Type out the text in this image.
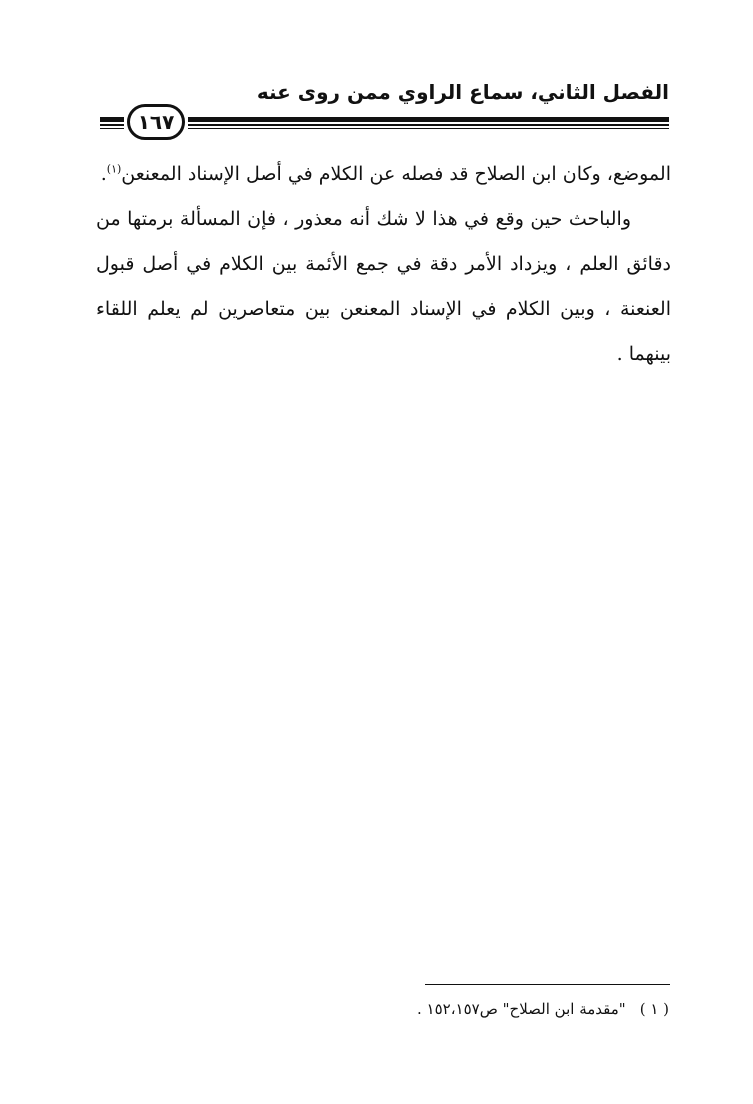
الفصل الثاني، سماع الراوي ممن روى عنه
١٦٧

الموضع، وكان ابن الصلاح قد فصله عن الكلام في أصل الإسناد المعنعن$^{(١)}$.

والباحث حين وقع في هذا لا شك أنه معذور ، فإن المسألة برمتها من دقائق العلم ، ويزداد الأمر دقة في جمع الأئمة بين الكلام في أصل قبول العنعنة ، وبين الكلام في الإسناد المعنعن بين متعاصرين لم يعلم اللقاء بينهما .

( ١ )"مقدمة ابن الصلاح" ص١٥٢،١٥٧ .
